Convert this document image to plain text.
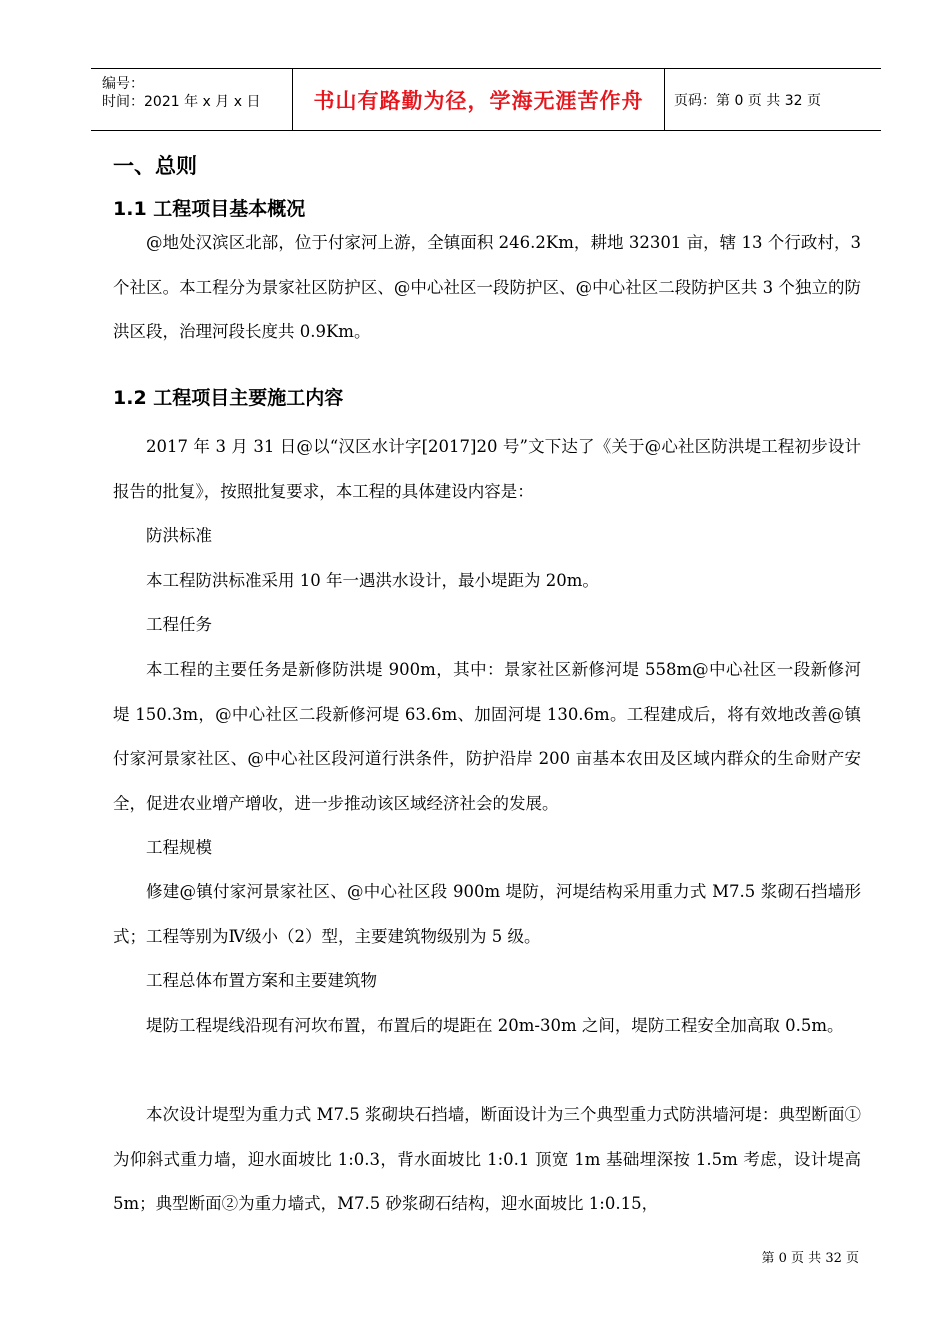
编号：
时间：2021 年 x 月 x 日	书山有路勤为径，学海无涯苦作舟	页码：第 0 页 共 32 页
一、总则
1.1 工程项目基本概况

@地处汉滨区北部，位于付家河上游，全镇面积 246.2Km，耕地 32301 亩，辖 13 个行政村，3 个社区。本工程分为景家社区防护区、@中心社区一段防护区、@中心社区二段防护区共 3 个独立的防洪区段，治理河段长度共 0.9Km。

1.2 工程项目主要施工内容

2017 年 3 月 31 日@以“汉区水计字[2017]20 号”文下达了《关于@心社区防洪堤工程初步设计报告的批复》，按照批复要求，本工程的具体建设内容是：

防洪标准

本工程防洪标准采用 10 年一遇洪水设计，最小堤距为 20m。

工程任务

本工程的主要任务是新修防洪堤 900m，其中：景家社区新修河堤 558m@中心社区一段新修河堤 150.3m，@中心社区二段新修河堤 63.6m、加固河堤 130.6m。工程建成后，将有效地改善@镇付家河景家社区、@中心社区段河道行洪条件，防护沿岸 200 亩基本农田及区域内群众的生命财产安全，促进农业增产增收，进一步推动该区域经济社会的发展。

工程规模

修建@镇付家河景家社区、@中心社区段 900m 堤防，河堤结构采用重力式 M7.5 浆砌石挡墙形式；工程等别为Ⅳ级小（2）型，主要建筑物级别为 5 级。

工程总体布置方案和主要建筑物

堤防工程堤线沿现有河坎布置，布置后的堤距在 20m-30m 之间，堤防工程安全加高取 0.5m。

本次设计堤型为重力式 M7.5 浆砌块石挡墙，断面设计为三个典型重力式防洪墙河堤：典型断面①为仰斜式重力墙，迎水面坡比 1:0.3，背水面坡比 1:0.1 顶宽 1m 基础埋深按 1.5m 考虑，设计堤高 5m；典型断面②为重力墙式，M7.5 砂浆砌石结构，迎水面坡比 1:0.15，

第 0 页 共 32 页
